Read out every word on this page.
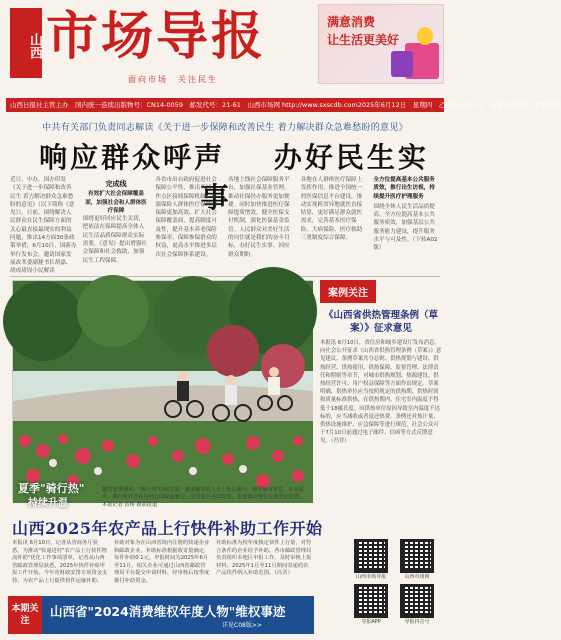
山西 市场导报
面向市场　关注民生
满意消费
让生活更美好
山西日报社主管主办　国内统一连续出版物号：CN14-0059　邮发代号：21-61　山西市场网 http://www.sxscdb.com 2025年6月12日　星期四　乙巳年五月十七　总第2403期　本期16版
中共有关部门负责同志解读《关于进一步保障和改善民生 着力解决群众急难愁盼的意见》
响应群众呼声 办好民生实事
近日，中办、国办印发《关于进一步保障和改善民生 着力解决群众急难愁盼的意见》（以下简称《意见》）。日前，围绕解决人民群众在民生保障方面的关心最直接最现实的利益问题，推出14方面30条政策举措，6月10日，国新办举行发布会，邀请国家发展改革委副秘书长胡嘉、胡成琦周小民解读
完成线
有效扩大社会保障覆盖面，加强社会和人群体医疗保障
围绕更好回应民生关切，把依法在保障提高全体人民生活品质保障群众实际需要，《意见》提出增强社会保障和社会救助、加强民生工程保障。
各省市出台政府促进社会保障公平性，推出务城工作点区接域保障机制，加强保险人群体医疗保障向保障更加高效。扩大社会保障覆盖面，提高制度可及性，提升基本养老保险参保率，保障参保群众的权益，更高水平推进多层次社会保障体系建设。
各地上线社会保障服务平台，加强社保基金管理，推动社保经办服务更加便捷。同时加快推进医疗保障提质增效，健全医保支付机制，强化医保基金监管。人民群众对美好生活的向往就是我们的奋斗目标，办好民生实事、回应群众期盼。
各地在人群体医疗保障上发挥作用，推进全国统一的医保信息平台建设，推动实现跨省异地就医直接结算，更好满足群众就医需求，完善基本医疗保险、大病保险、医疗救助三重制度综合保障。
全方位提高基本公共服务质效，推行出生访视，持续提升医疗护理服务
围绕全体人民生活品质提高，全方位提高基本公共服务质效，加强基层公共服务能力建设，提升服务水平与可及性。（下转A02版）
夏季"骑行热"
持续升温
随着夏季到来，"骑行热"持续升温，越来越多的人走上街头骑行，感受城市美景。在太原市，骑行爱好者在汾河公园绿道骑行，享受夏日美好时光，也使城市慢行交通更加完善。　本报记者 雷桥 摄影报道
山西2025年农产品上行快件补助工作开始
本报讯 6月10日，记者从省商务厅获悉，为推动"快递进村"农产品上行快件物流补助"优化工作事项清单，记者从山西省邮政管理局获悉，2025年快件补贴申报工作开始。今年省财政安排专项资金支持，为农产品上行提供快件运输补助。
补助对象为在山西省境内注册的快递企业和邮政企业，补助标准根据收寄量确定，每件补助0.1元。申报时间为2025年6月至11月，相关企业可通过山西省邮政管理局平台提交申请材料，经审核后按季度拨付补助资金。
补助标准为按年度核定快件上行量，对符合条件的企业给予补助。各市邮政管理局负责组织本地区申报工作，及时审核上报材料。2025年1月至11月期间寄递的农产品快件纳入补助范围。（冯晋）
案例关注
《山西省供热管理条例（草案）》征求意见
本报讯 6月10日，省住房和城乡建设厅发布消息，向社会公开征求《山西省供热管理条例（草案）》意见建议。条例草案共分总则、供热规划与建设、供热经营、供热使用、供热保障、监督管理、法律责任和附则等章节，对城市供热规划、热源建设、供热经营许可、用户权益保障等方面作出规定。草案明确，供热单位应当按照规定的供热期、供热时间和质量标准供热，在供热期内，住宅室内温度不得低于18摄氏度。因供热单位原因导致室内温度不达标的，应当减收或者退还热费。条例还对热计量、供热设施维护、应急保障等进行规范。社会公众可于7月10日前通过电子邮件、信函等方式反馈意见。（冯晋）
山西市场导报
导报APP
山西市场网
导报抖音号
本期关注
山西省"2024消费维权年度人物"维权事迹
详见C08版>>
